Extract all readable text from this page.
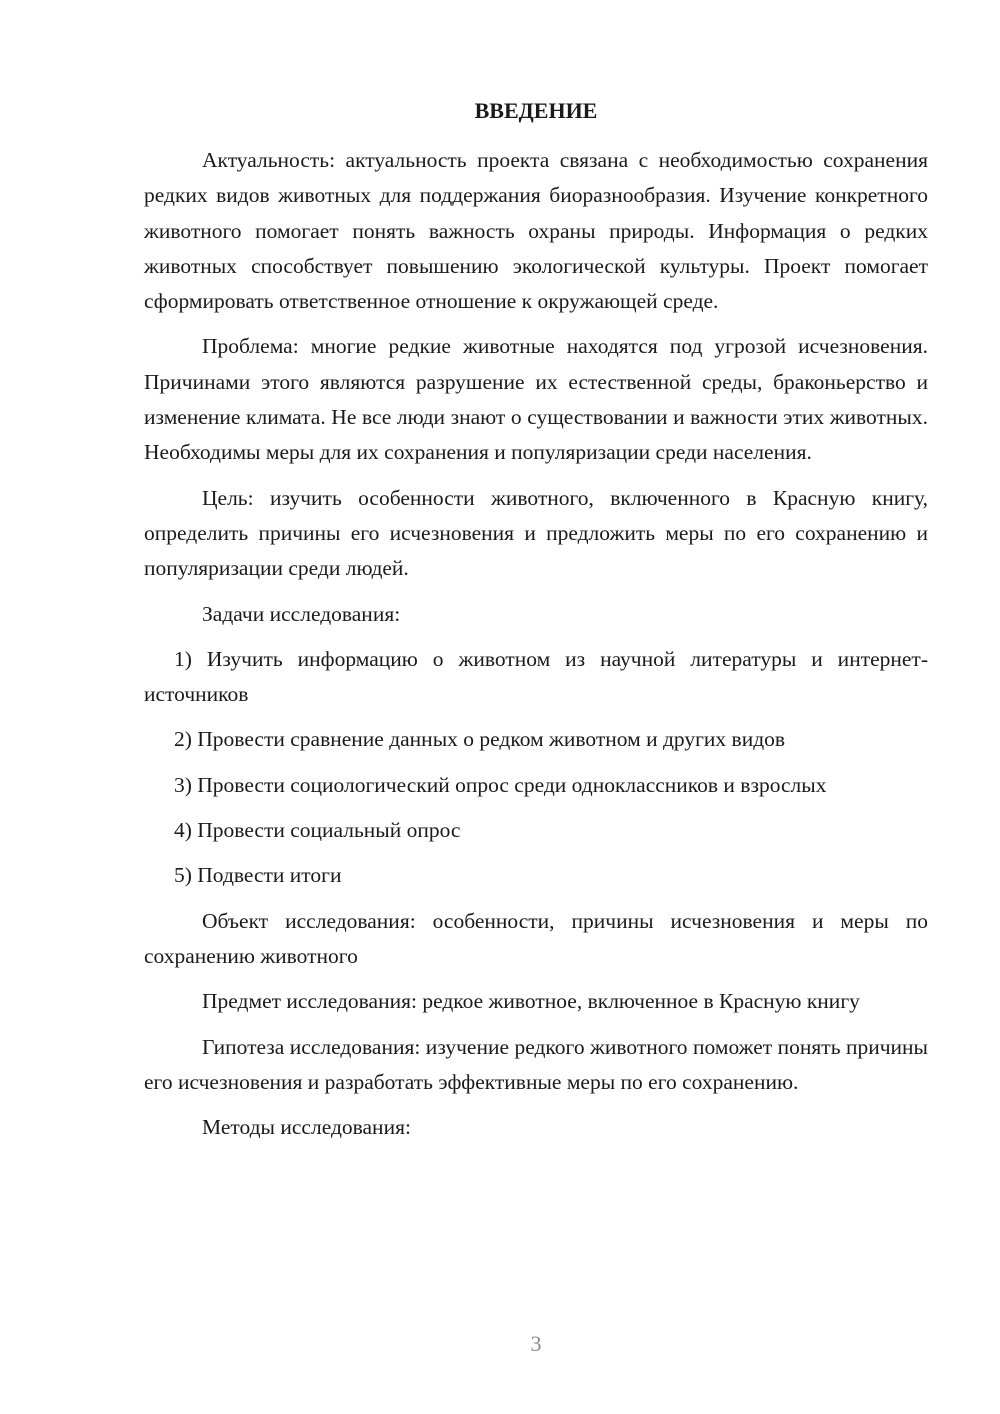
ВВЕДЕНИЕ

Актуальность: актуальность проекта связана с необходимостью сохранения редких видов животных для поддержания биоразнообразия. Изучение конкретного животного помогает понять важность охраны природы. Информация о редких животных способствует повышению экологической культуры. Проект помогает сформировать ответственное отношение к окружающей среде.

Проблема: многие редкие животные находятся под угрозой исчезновения. Причинами этого являются разрушение их естественной среды, браконьерство и изменение климата. Не все люди знают о существовании и важности этих животных. Необходимы меры для их сохранения и популяризации среди населения.

Цель: изучить особенности животного, включенного в Красную книгу, определить причины его исчезновения и предложить меры по его сохранению и популяризации среди людей.

Задачи исследования:

1) Изучить информацию о животном из научной литературы и интернет-источников

2) Провести сравнение данных о редком животном и других видов

3) Провести социологический опрос среди одноклассников и взрослых

4) Провести социальный опрос

5) Подвести итоги

Объект исследования: особенности, причины исчезновения и меры по сохранению животного

Предмет исследования: редкое животное, включенное в Красную книгу

Гипотеза исследования: изучение редкого животного поможет понять причины его исчезновения и разработать эффективные меры по его сохранению.

Методы исследования:

3
